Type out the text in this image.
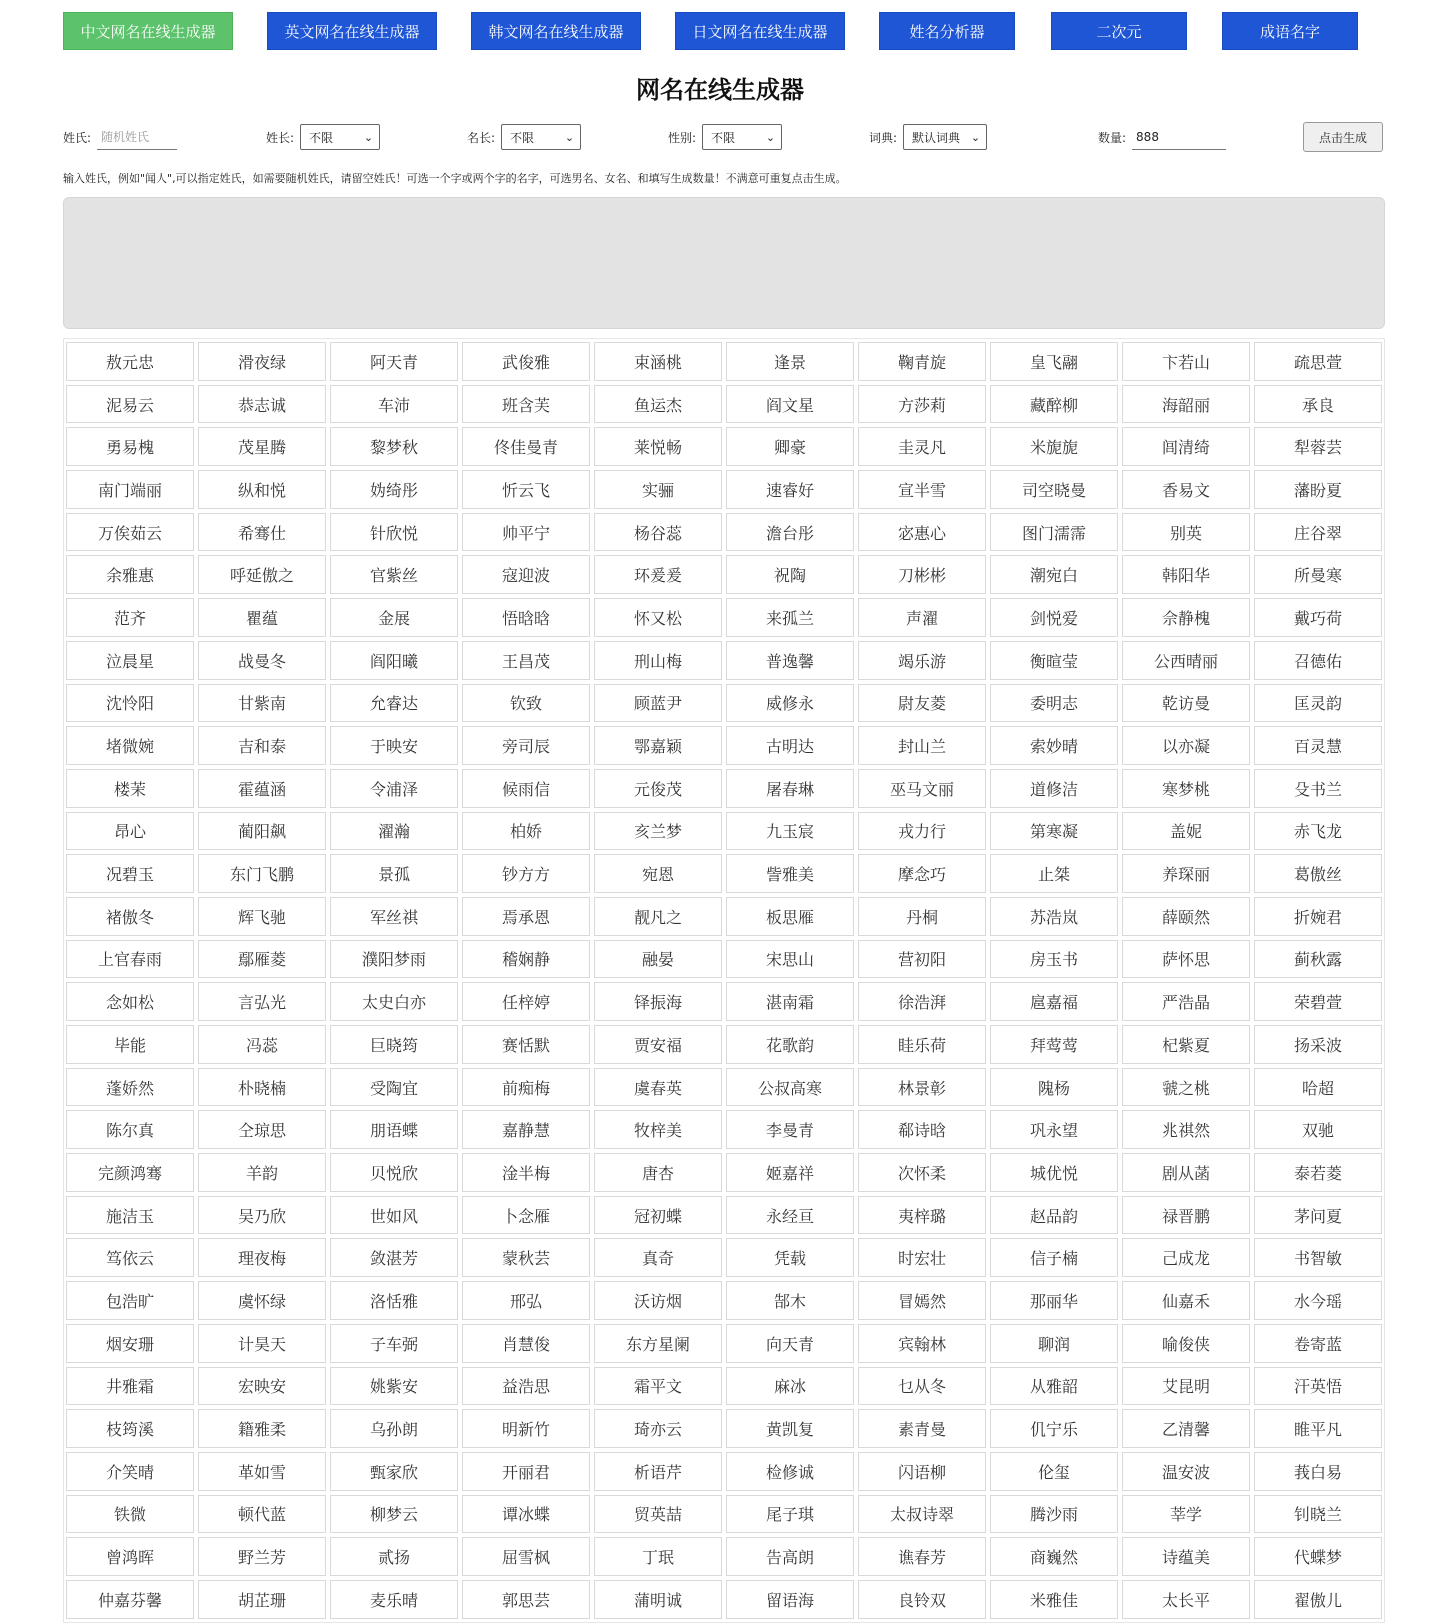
中文网名在线生成器	英文网名在线生成器	韩文网名在线生成器	日文网名在线生成器	姓名分析器	二次元	成语名字
网名在线生成器
姓氏:
随机姓氏	姓长: 不限	⌄	名长: 不限	⌄	性别: 不限	⌄	词典: 默认词典 ⌄	数量:
888	点击生成

输入姓氏，例如"闻人",可以指定姓氏，如需要随机姓氏，请留空姓氏！可选一个字或两个字的名字，可选男名、女名、和填写生成数量！不满意可重复点击生成。

敖元忠	滑夜绿	阿天青	武俊雅	束涵桃	逢景	鞠青旋	皇飞翮	卞若山	疏思萱
泥易云	恭志诚	车沛	班含芙	鱼运杰	阎文星	方莎莉	藏醉柳	海韶丽	承良
勇易槐	茂星腾	黎梦秋	佟佳曼青	莱悦畅	卿豪	圭灵凡	米旎旎	闾清绮	犁蓉芸
南门端丽	纵和悦	妫绮彤	忻云飞	实骊	速睿好	宣半雪	司空晓曼	香易文	藩盼夏
万俟茹云	希骞仕	针欣悦	帅平宁	杨谷蕊	澹台彤	宓惠心	图门濡霈	别英	庄谷翠
余雅惠	呼延傲之	官紫丝	寇迎波	环爰爰	祝陶	刀彬彬	潮宛白	韩阳华	所曼寒
范齐	瞿蕴	金展	悟晗晗	怀又松	来孤兰	声濯	剑悦爱	佘静槐	戴巧荷
泣晨星	战曼冬	阎阳曦	王昌茂	刑山梅	普逸馨	竭乐游	衡暄莹	公西晴丽	召德佑
沈怜阳	甘紫南	允睿达	钦致	顾蓝尹	威修永	尉友菱	委明志	乾访曼	匡灵韵
堵微婉	吉和泰	于映安	旁司辰	鄂嘉颖	古明达	封山兰	索妙晴	以亦凝	百灵慧
楼茉	霍蕴涵	令浦泽	候雨信	元俊茂	屠春琳	巫马文丽	道修洁	寒梦桃	殳书兰
昂心	蔺阳飙	濯瀚	柏娇	亥兰梦	九玉宸	戎力行	第寒凝	盖妮	赤飞龙
况碧玉	东门飞鹏	景孤	钞方方	宛恩	訾雅美	摩念巧	止桀	养琛丽	葛傲丝
褚傲冬	辉飞驰	军丝祺	焉承恩	靓凡之	板思雁	丹桐	苏浩岚	薛颐然	折婉君
上官春雨	鄢雁菱	濮阳梦雨	稽娴静	融晏	宋思山	营初阳	房玉书	萨怀思	蓟秋露
念如松	言弘光	太史白亦	任梓婷	铎振海	湛南霜	徐浩湃	扈嘉福	严浩晶	荣碧萱
毕能	冯蕊	巨晓筠	赛恬默	贾安福	花歌韵	眭乐荷	拜莺莺	杞紫夏	扬采波
蓬娇然	朴晓楠	受陶宜	前痴梅	虞春英	公叔高寒	林景彰	隗杨	虢之桃	哈超
陈尔真	仝琼思	朋语蝶	嘉静慧	牧梓美	李曼青	郗诗晗	巩永望	兆祺然	双驰
完颜鸿骞	羊韵	贝悦欣	淦半梅	唐杏	姬嘉祥	次怀柔	城优悦	剧从菡	泰若菱
施洁玉	吴乃欣	世如风	卜念雁	冠初蝶	永经亘	夷梓璐	赵品韵	禄晋鹏	茅问夏
笃依云	理夜梅	敛湛芳	蒙秋芸	真奇	凭载	时宏壮	信子楠	己成龙	书智敏
包浩旷	虞怀绿	洛恬雅	邢弘	沃访烟	郜木	冒嫣然	那丽华	仙嘉禾	水今瑶
烟安珊	计昊天	子车弼	肖慧俊	东方星阑	向天青	宾翰林	聊润	喻俊侠	卷寄蓝
井雅霜	宏映安	姚紫安	益浩思	霜平文	麻冰	乜从冬	从雅韶	艾昆明	汗英悟
枝筠溪	籍雅柔	乌孙朗	明新竹	琦亦云	黄凯复	素青曼	仉宁乐	乙清馨	睢平凡
介笑晴	革如雪	甄家欣	开丽君	析语芹	检修诚	闪语柳	伦玺	温安波	莪白易
铁微	顿代蓝	柳梦云	谭冰蝶	贸英喆	尾子琪	太叔诗翠	腾沙雨	莘学	钊晓兰
曾鸿晖	野兰芳	贰扬	屈雪枫	丁珉	告高朗	谯春芳	商巍然	诗蕴美	代蝶梦
仲嘉芬馨	胡芷珊	麦乐晴	郭思芸	蒲明诚	留语海	良铃双	米雅佳	太长平	翟傲儿
